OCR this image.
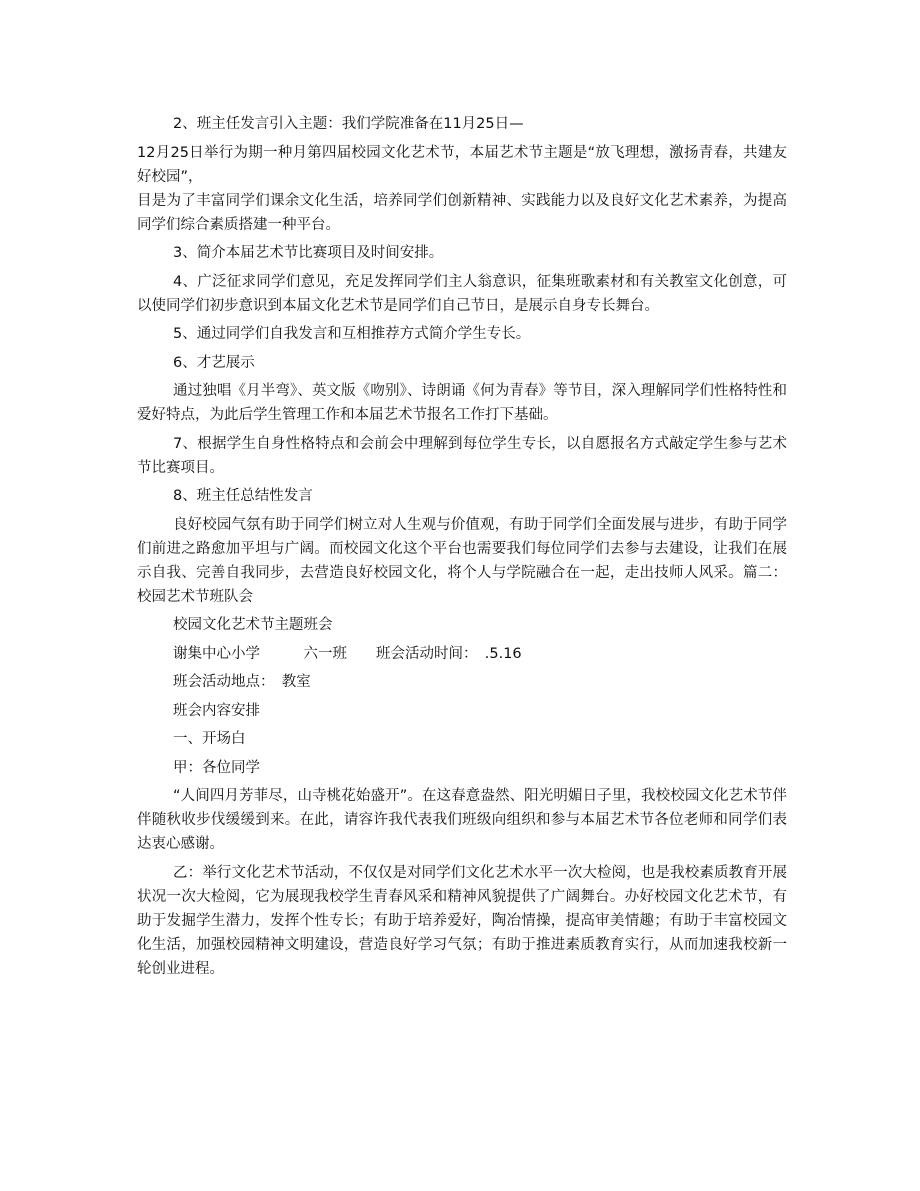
2、班主任发言引入主题：我们学院准备在11月25日—

12月25日举行为期一种月第四届校园文化艺术节，本届艺术节主题是“放飞理想，激扬青春，共建友好校园”，

目是为了丰富同学们课余文化生活，培养同学们创新精神、实践能力以及良好文化艺术素养，为提高同学们综合素质搭建一种平台。

3、简介本届艺术节比赛项目及时间安排。

4、广泛征求同学们意见，充足发挥同学们主人翁意识，征集班歌素材和有关教室文化创意，可以使同学们初步意识到本届文化艺术节是同学们自己节日，是展示自身专长舞台。

5、通过同学们自我发言和互相推荐方式简介学生专长。

6、才艺展示

通过独唱《月半弯》、英文版《吻别》、诗朗诵《何为青春》等节目，深入理解同学们性格特性和爱好特点，为此后学生管理工作和本届艺术节报名工作打下基础。

7、根据学生自身性格特点和会前会中理解到每位学生专长，以自愿报名方式敲定学生参与艺术节比赛项目。

8、班主任总结性发言

良好校园气氛有助于同学们树立对人生观与价值观，有助于同学们全面发展与进步，有助于同学们前进之路愈加平坦与广阔。而校园文化这个平台也需要我们每位同学们去参与去建设，让我们在展示自我、完善自我同步，去营造良好校园文化，将个人与学院融合在一起，走出技师人风采。篇二：校园艺术节班队会

校园文化艺术节主题班会

谢集中心小学　　　六一班　　班会活动时间：　.5.16

班会活动地点：　教室

班会内容安排

一、开场白

甲：各位同学

“人间四月芳菲尽，山寺桃花始盛开”。在这春意盎然、阳光明媚日子里，我校校园文化艺术节伴伴随秋收步伐缓缓到来。在此，请容许我代表我们班级向组织和参与本届艺术节各位老师和同学们表达衷心感谢。

乙：举行文化艺术节活动，不仅仅是对同学们文化艺术水平一次大检阅，也是我校素质教育开展状况一次大检阅，它为展现我校学生青春风采和精神风貌提供了广阔舞台。办好校园文化艺术节，有助于发掘学生潜力，发挥个性专长；有助于培养爱好，陶冶情操，提高审美情趣；有助于丰富校园文化生活，加强校园精神文明建设，营造良好学习气氛；有助于推进素质教育实行，从而加速我校新一轮创业进程。
